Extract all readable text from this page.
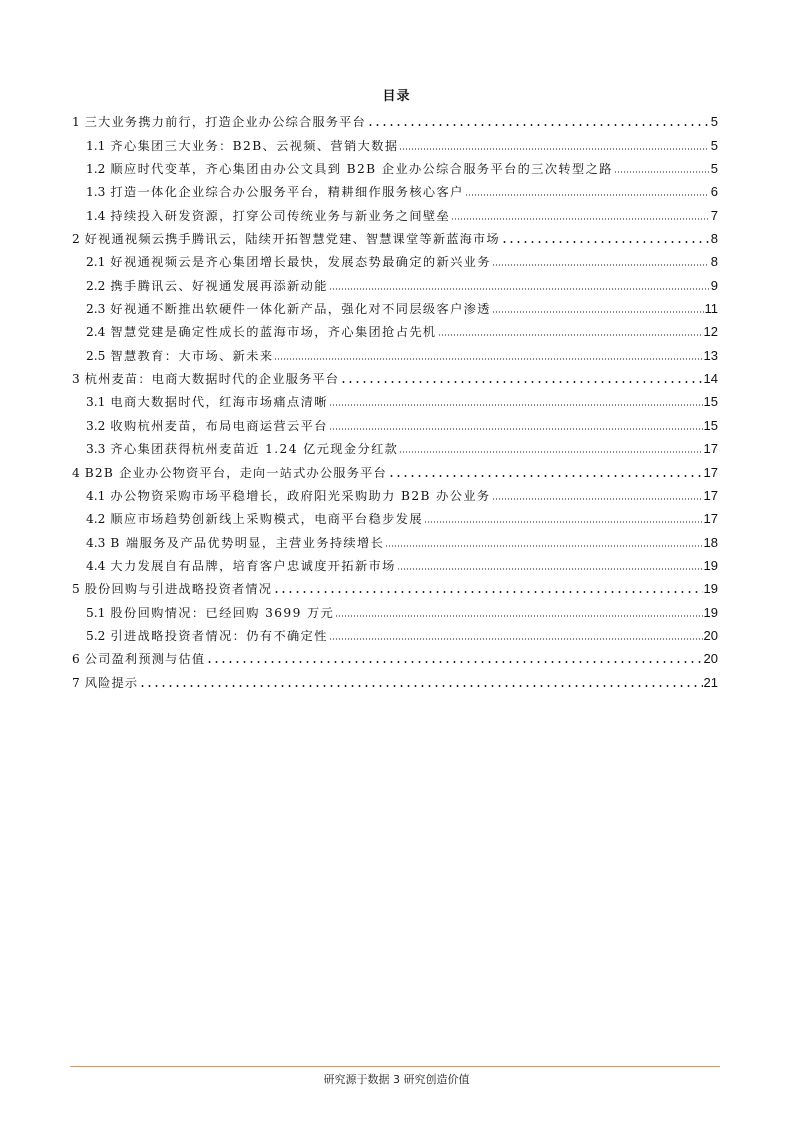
目录
1 三大业务携力前行，打造企业办公综合服务平台	5
1.1 齐心集团三大业务：B2B、云视频、营销大数据	5
1.2 顺应时代变革，齐心集团由办公文具到 B2B 企业办公综合服务平台的三次转型之路	5
1.3 打造一体化企业综合办公服务平台，精耕细作服务核心客户	6
1.4 持续投入研发资源，打穿公司传统业务与新业务之间壁垒	7
2 好视通视频云携手腾讯云，陆续开拓智慧党建、智慧课堂等新蓝海市场	8
2.1 好视通视频云是齐心集团增长最快，发展态势最确定的新兴业务	8
2.2 携手腾讯云、好视通发展再添新动能	9
2.3 好视通不断推出软硬件一体化新产品，强化对不同层级客户渗透	11
2.4 智慧党建是确定性成长的蓝海市场，齐心集团抢占先机	12
2.5 智慧教育：大市场、新未来	13
3 杭州麦苗：电商大数据时代的企业服务平台	14
3.1 电商大数据时代，红海市场痛点清晰	15
3.2 收购杭州麦苗，布局电商运营云平台	15
3.3 齐心集团获得杭州麦苗近 1.24 亿元现金分红款	17
4 B2B 企业办公物资平台，走向一站式办公服务平台	17
4.1 办公物资采购市场平稳增长，政府阳光采购助力 B2B 办公业务	17
4.2 顺应市场趋势创新线上采购模式，电商平台稳步发展	17
4.3 B 端服务及产品优势明显，主营业务持续增长	18
4.4 大力发展自有品牌，培育客户忠诚度开拓新市场	19
5 股份回购与引进战略投资者情况	19
5.1 股份回购情况：已经回购 3699 万元	19
5.2 引进战略投资者情况：仍有不确定性	20
6 公司盈利预测与估值	20
7 风险提示	21
研究源于数据 3 研究创造价值
